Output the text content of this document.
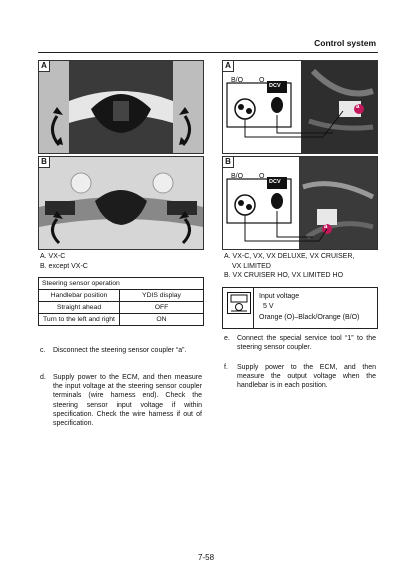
Control system
A
B
A. VX-C
B. except VX-C
Steering sensor operation	
Handlebar position	YDIS display
Straight ahead	OFF
Turn to the left and right	ON
c. Disconnect the steering sensor coupler “a”.
d. Supply power to the ECM, and then measure the input voltage at the steering sensor coupler terminals (wire harness end). Check the steering sensor input voltage if within specification. Check the wire harness if out of specification.
A
B/O O
DCV
a
B
B/O O
DCV
a
A. VX-C, VX, VX DELUXE, VX CRUISER,
VX LIMITED
B. VX CRUISER HO, VX LIMITED HO
Input voltage
5 V
Orange (O)–Black/Orange (B/O)
e. Connect the special service tool “1” to the steering sensor coupler.
f. Supply power to the ECM, and then measure the output voltage when the handlebar is in each position.
7-58
